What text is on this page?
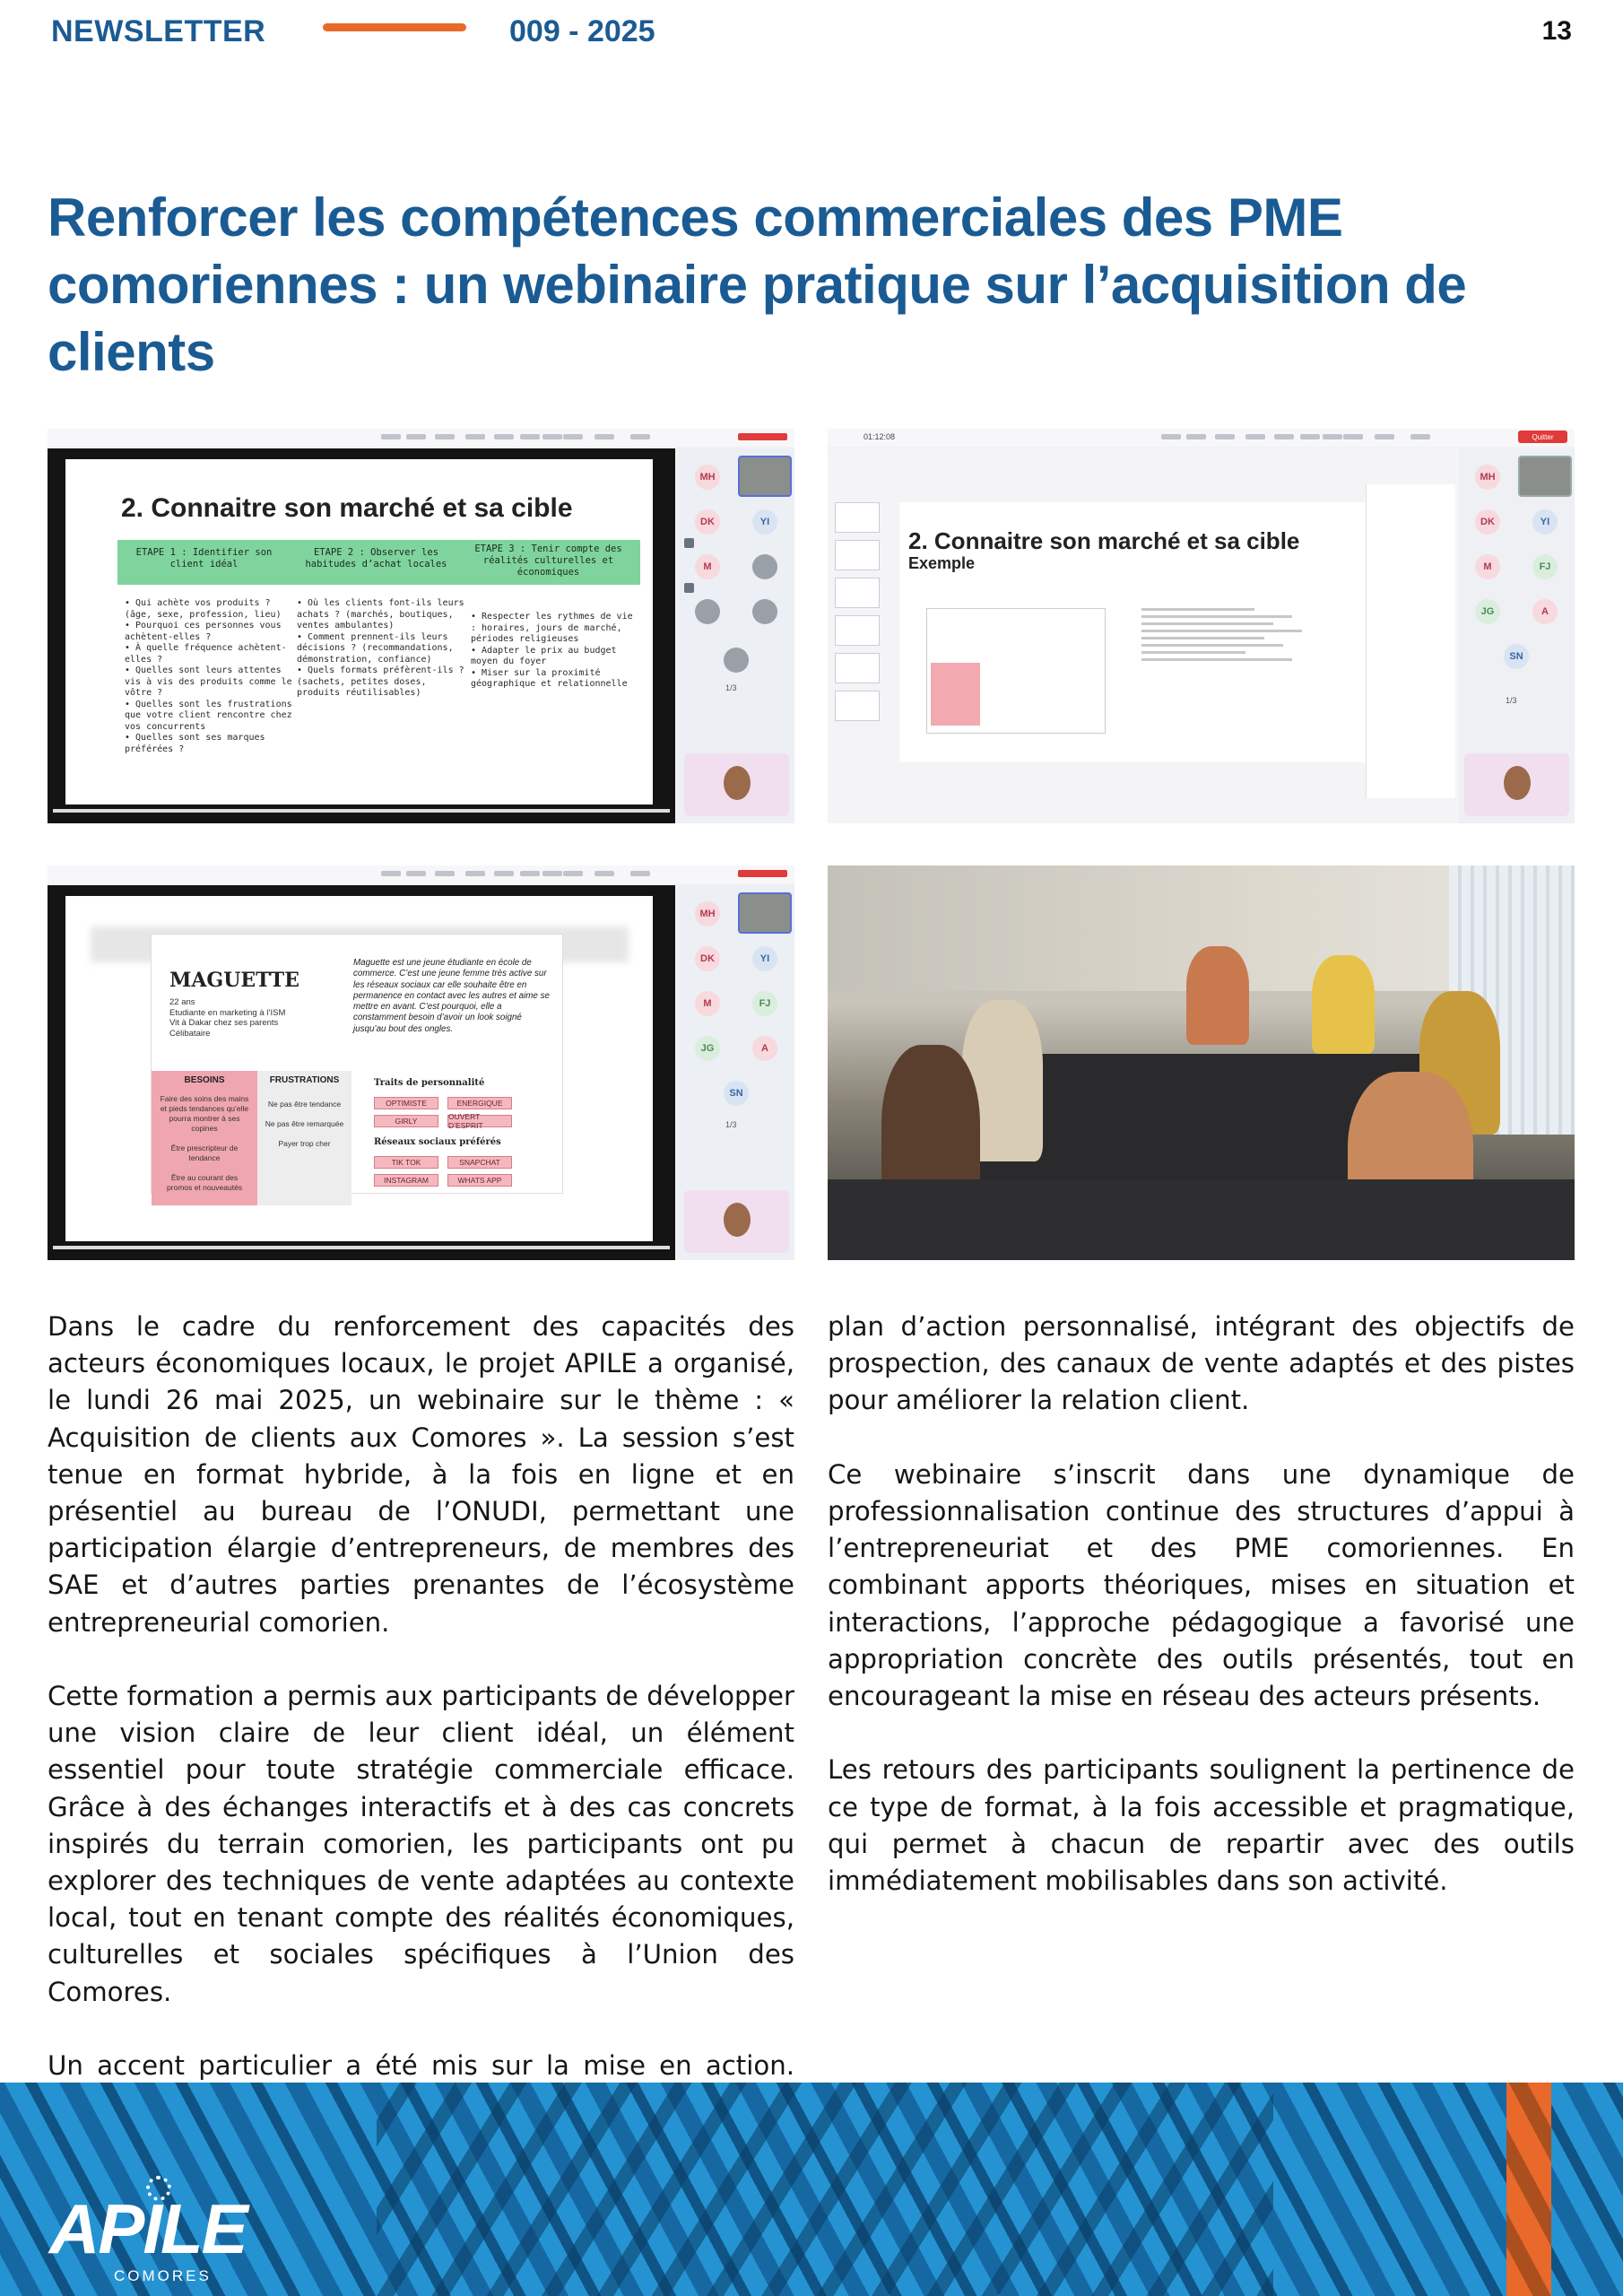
NEWSLETTER	009 - 2025	13
Renforcer les compétences commerciales des PME comoriennes : un webinaire pratique sur l’acquisition de clients
2. Connaitre son marché et sa cible
ETAPE 1 : Identifier son client idéal
ETAPE 2 : Observer les habitudes d’achat locales
ETAPE 3 : Tenir compte des réalités culturelles et économiques
• Qui achète vos produits ? (âge, sexe, profession, lieu)
• Pourquoi ces personnes vous achètent-elles ?
• À quelle fréquence achètent-elles ?
• Quelles sont leurs attentes vis à vis des produits comme le vôtre ?
• Quelles sont les frustrations que votre client rencontre chez vos concurrents
• Quelles sont ses marques préférées ?
• Où les clients font-ils leurs achats ? (marchés, boutiques, ventes ambulantes)
• Comment prennent-ils leurs décisions ? (recommandations, démonstration, confiance)
• Quels formats préfèrent-ils ? (sachets, petites doses, produits réutilisables)
• Respecter les rythmes de vie : horaires, jours de marché, périodes religieuses
• Adapter le prix au budget moyen du foyer
• Miser sur la proximité géographique et relationnelle
MH
DK	YI
M
1/3
01:12:08	Quitter
2. Connaitre son marché et sa cible
Exemple
MH
DK	YI
M	FJ
JG	A
SN
1/3
MAGUETTE
22 ans
Etudiante en marketing à l’ISM
Vit à Dakar chez ses parents
Célibataire
Maguette est une jeune étudiante en école de commerce. C’est une jeune femme très active sur les réseaux sociaux car elle souhaite être en permanence en contact avec les autres et aime se mettre en avant. C’est pourquoi, elle a constamment besoin d’avoir un look soigné jusqu’au bout des ongles.
BESOINS
Faire des soins des mains et pieds tendances qu’elle pourra montrer à ses copines

Être prescripteur de tendance

Être au courant des promos et nouveautés
FRUSTRATIONS
Ne pas être tendance
Ne pas être remarquée
Payer trop cher
Traits de personnalité
OPTIMISTE	ENERGIQUE
GIRLY	OUVERT D’ESPRIT
Réseaux sociaux préférés
TIK TOK	SNAPCHAT
INSTAGRAM	WHATS APP
MH
DK	YI
M	FJ
JG	A
SN
1/3

Dans le cadre du renforcement des capacités des acteurs économiques locaux, le projet APILE a organisé, le lundi 26 mai 2025, un webinaire sur le thème : « Acquisition de clients aux Comores ». La session s’est tenue en format hybride, à la fois en ligne et en présentiel au bureau de l’ONUDI, permettant une participation élargie d’entrepreneurs, de membres des SAE et d’autres parties prenantes de l’écosystème entrepreneurial comorien.

Cette formation a permis aux participants de développer une vision claire de leur client idéal, un élément essentiel pour toute stratégie commerciale efficace. Grâce à des échanges interactifs et à des cas concrets inspirés du terrain comorien, les participants ont pu explorer des techniques de vente adaptées au contexte local, tout en tenant compte des réalités économiques, culturelles et sociales spécifiques à l’Union des Comores.

Un accent particulier a été mis sur la mise en action.

plan d’action personnalisé, intégrant des objectifs de prospection, des canaux de vente adaptés et des pistes pour améliorer la relation client.

Ce webinaire s’inscrit dans une dynamique de professionnalisation continue des structures d’appui à l’entrepreneuriat et des PME comoriennes. En combinant apports théoriques, mises en situation et interactions, l’approche pédagogique a favorisé une appropriation concrète des outils présentés, tout en encourageant la mise en réseau des acteurs présents.

Les retours des participants soulignent la pertinence de ce type de format, à la fois accessible et pragmatique, qui permet à chacun de repartir avec des outils immédiatement mobilisables dans son activité.

APILE
COMORES
